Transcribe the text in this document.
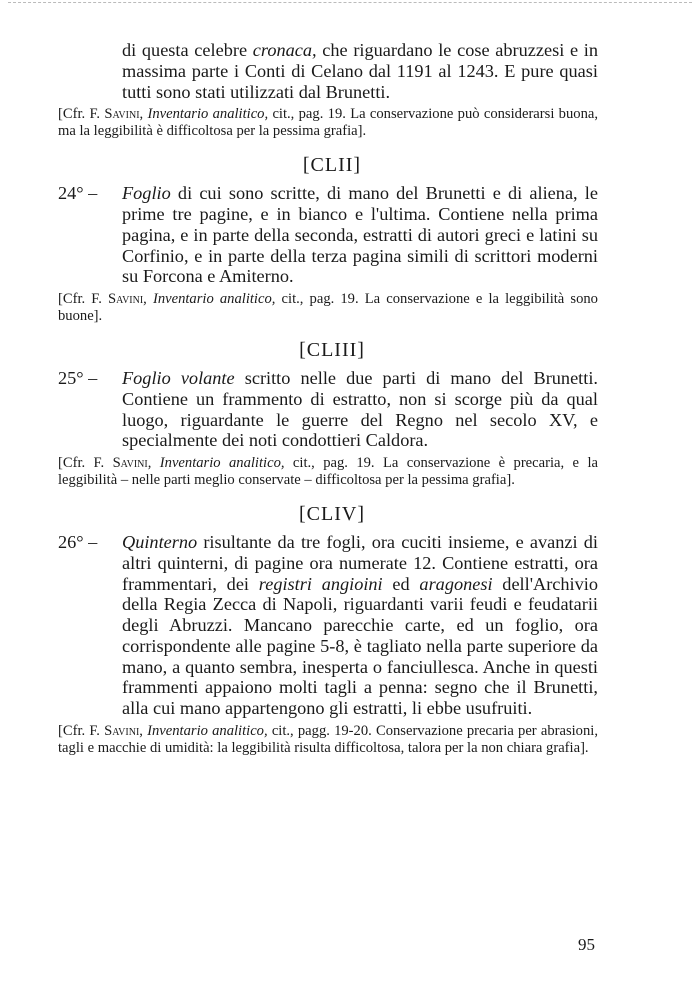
di questa celebre cronaca, che riguardano le cose abruzzesi e in massima parte i Conti di Celano dal 1191 al 1243. E pure quasi tutti sono stati utilizzati dal Brunetti.

[Cfr. F. Savini, Inventario analitico, cit., pag. 19. La conservazione può considerarsi buona, ma la leggibilità è difficoltosa per la pessima grafia].

[CLII]

24° – Foglio di cui sono scritte, di mano del Brunetti e di aliena, le prime tre pagine, e in bianco e l'ultima. Contiene nella prima pagina, e in parte della seconda, estratti di autori greci e latini su Corfinio, e in parte della terza pagina simili di scrittori moderni su Forcona e Amiterno.

[Cfr. F. Savini, Inventario analitico, cit., pag. 19. La conservazione e la leggibilità sono buone].

[CLIII]

25° – Foglio volante scritto nelle due parti di mano del Brunetti. Contiene un frammento di estratto, non si scorge più da qual luogo, riguardante le guerre del Regno nel secolo XV, e specialmente dei noti condottieri Caldora.

[Cfr. F. Savini, Inventario analitico, cit., pag. 19. La conservazione è precaria, e la leggibilità – nelle parti meglio conservate – difficoltosa per la pessima grafia].

[CLIV]

26° – Quinterno risultante da tre fogli, ora cuciti insieme, e avanzi di altri quinterni, di pagine ora numerate 12. Contiene estratti, ora frammentari, dei registri angioini ed aragonesi dell'Archivio della Regia Zecca di Napoli, riguardanti varii feudi e feudatarii degli Abruzzi. Mancano parecchie carte, ed un foglio, ora corrispondente alle pagine 5-8, è tagliato nella parte superiore da mano, a quanto sembra, inesperta o fanciullesca. Anche in questi frammenti appaiono molti tagli a penna: segno che il Brunetti, alla cui mano appartengono gli estratti, li ebbe usufruiti.

[Cfr. F. Savini, Inventario analitico, cit., pagg. 19-20. Conservazione precaria per abrasioni, tagli e macchie di umidità: la leggibilità risulta difficoltosa, talora per la non chiara grafia].

95
